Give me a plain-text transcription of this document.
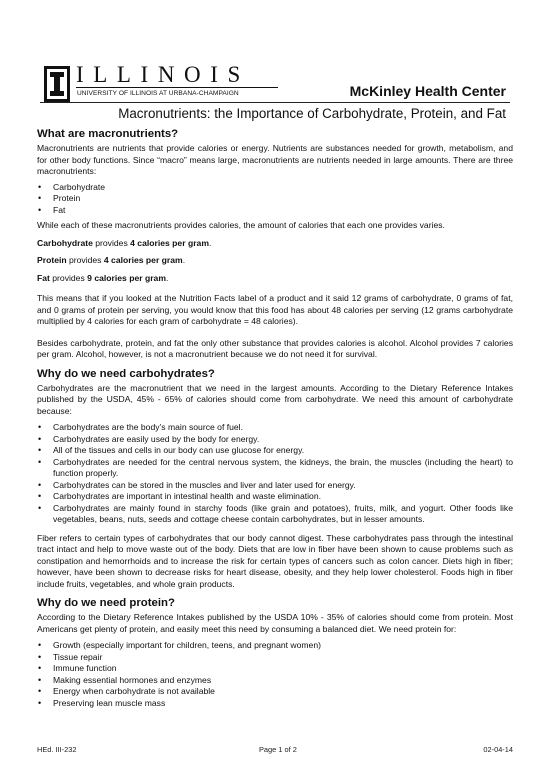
ILLINOIS
UNIVERSITY OF ILLINOIS AT URBANA-CHAMPAIGN	McKinley Health Center
Macronutrients: the Importance of Carbohydrate, Protein, and Fat
What are macronutrients?

Macronutrients are nutrients that provide calories or energy. Nutrients are substances needed for growth, metabolism, and for other body functions. Since “macro” means large, macronutrients are nutrients needed in large amounts. There are three macronutrients:

• Carbohydrate
• Protein
• Fat

While each of these macronutrients provides calories, the amount of calories that each one provides varies.

Carbohydrate provides 4 calories per gram.

Protein provides 4 calories per gram.

Fat provides 9 calories per gram.

This means that if you looked at the Nutrition Facts label of a product and it said 12 grams of carbohydrate, 0 grams of fat, and 0 grams of protein per serving, you would know that this food has about 48 calories per serving (12 grams carbohydrate multiplied by 4 calories for each gram of carbohydrate = 48 calories).

Besides carbohydrate, protein, and fat the only other substance that provides calories is alcohol. Alcohol provides 7 calories per gram. Alcohol, however, is not a macronutrient because we do not need it for survival.

Why do we need carbohydrates?

Carbohydrates are the macronutrient that we need in the largest amounts. According to the Dietary Reference Intakes published by the USDA, 45% - 65% of calories should come from carbohydrate. We need this amount of carbohydrate because:

• Carbohydrates are the body’s main source of fuel.
• Carbohydrates are easily used by the body for energy.
• All of the tissues and cells in our body can use glucose for energy.
• Carbohydrates are needed for the central nervous system, the kidneys, the brain, the muscles (including the heart) to function properly.
• Carbohydrates can be stored in the muscles and liver and later used for energy.
• Carbohydrates are important in intestinal health and waste elimination.
• Carbohydrates are mainly found in starchy foods (like grain and potatoes), fruits, milk, and yogurt. Other foods like vegetables, beans, nuts, seeds and cottage cheese contain carbohydrates, but in lesser amounts.

Fiber refers to certain types of carbohydrates that our body cannot digest. These carbohydrates pass through the intestinal tract intact and help to move waste out of the body. Diets that are low in fiber have been shown to cause problems such as constipation and hemorrhoids and to increase the risk for certain types of cancers such as colon cancer. Diets high in fiber; however, have been shown to decrease risks for heart disease, obesity, and they help lower cholesterol. Foods high in fiber include fruits, vegetables, and whole grain products.

Why do we need protein?

According to the Dietary Reference Intakes published by the USDA 10% - 35% of calories should come from protein. Most Americans get plenty of protein, and easily meet this need by consuming a balanced diet. We need protein for:

• Growth (especially important for children, teens, and pregnant women)
• Tissue repair
• Immune function
• Making essential hormones and enzymes
• Energy when carbohydrate is not available
• Preserving lean muscle mass
HEd. III-232	Page 1 of 2	02-04-14
